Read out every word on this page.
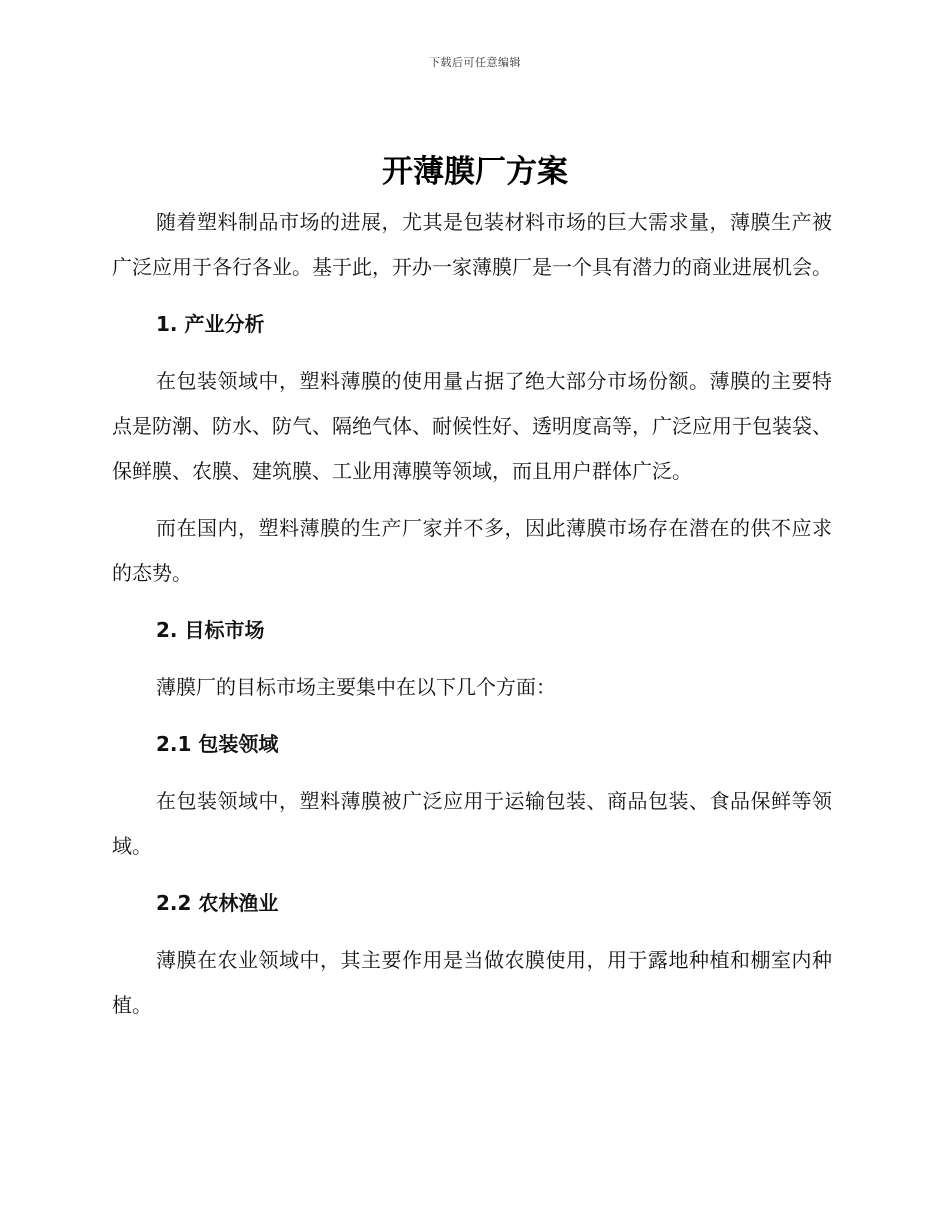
下载后可任意编辑
开薄膜厂方案

随着塑料制品市场的进展，尤其是包装材料市场的巨大需求量，薄膜生产被广泛应用于各行各业。基于此，开办一家薄膜厂是一个具有潜力的商业进展机会。

1. 产业分析

在包装领域中，塑料薄膜的使用量占据了绝大部分市场份额。薄膜的主要特点是防潮、防水、防气、隔绝气体、耐候性好、透明度高等，广泛应用于包装袋、保鲜膜、农膜、建筑膜、工业用薄膜等领域，而且用户群体广泛。

而在国内，塑料薄膜的生产厂家并不多，因此薄膜市场存在潜在的供不应求的态势。

2. 目标市场

薄膜厂的目标市场主要集中在以下几个方面：

2.1 包装领域

在包装领域中，塑料薄膜被广泛应用于运输包装、商品包装、食品保鲜等领域。

2.2 农林渔业

薄膜在农业领域中，其主要作用是当做农膜使用，用于露地种植和棚室内种植。
